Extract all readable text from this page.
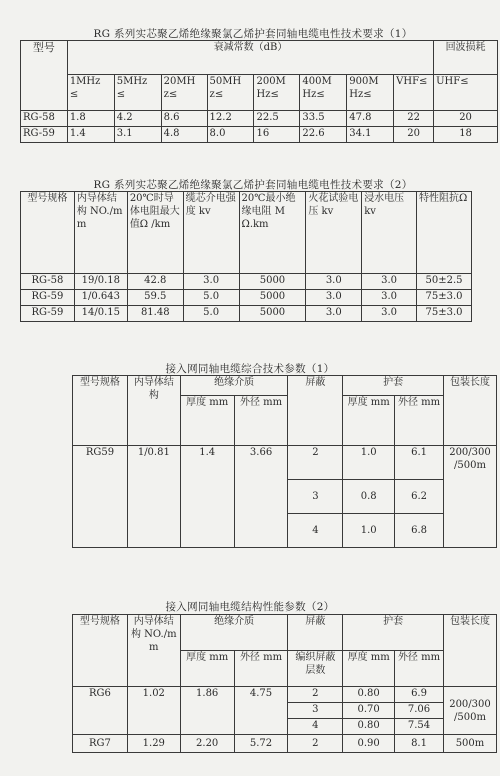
RG 系列实芯聚乙烯绝缘聚氯乙烯护套同轴电缆电性技术要求（1）
型号	衰减常数（dB）								回波损耗
	1MHz ≤	5MHz ≤	20MH z≤	50MH z≤	200M Hz≤	400M Hz≤	900M Hz≤	VHF≤	UHF≤
RG-58	1.8	4.2	8.6	12.2	22.5	33.5	47.8	22	20
RG-59	1.4	3.1	4.8	8.0	16	22.6	34.1	20	18
RG 系列实芯聚乙烯绝缘聚氯乙烯护套同轴电缆电性技术要求（2）
型号规格	内导体结构 NO./m m	20℃时导体电阻最大值Ω /km	缆芯介电强度 kv	20℃最小绝缘电阻 M Ω.km	火花试验电压 kv	浸水电压 kv	特性阻抗Ω
RG-58	19/0.18	42.8	3.0	5000	3.0	3.0	50±2.5
RG-59	1/0.643	59.5	5.0	5000	3.0	3.0	75±3.0
RG-59	14/0.15	81.48	5.0	5000	3.0	3.0	75±3.0
接入网同轴电缆综合技术参数（1）
型号规格	内导体结构	绝缘介质		屏蔽	护套		包装长度
		厚度 mm	外径 mm		厚度 mm	外径 mm	

RG59	1/0.81	1.4	3.66	2	1.0	6.1	200/300 /500m
				3	0.8	6.2	
				4	1.0	6.8	
接入网同轴电缆结构性能参数（2）
型号规格	内导体结构 NO./m m	绝缘介质		屏蔽	护套		包装长度
		厚度 mm	外径 mm	编织屏蔽层数	厚度 mm	外径 mm	
RG6	1.02	1.86	4.75	2	0.80	6.9	200/300 /500m
				3	0.70	7.06	
				4	0.80	7.54	
RG7	1.29	2.20	5.72	2	0.90	8.1	500m
